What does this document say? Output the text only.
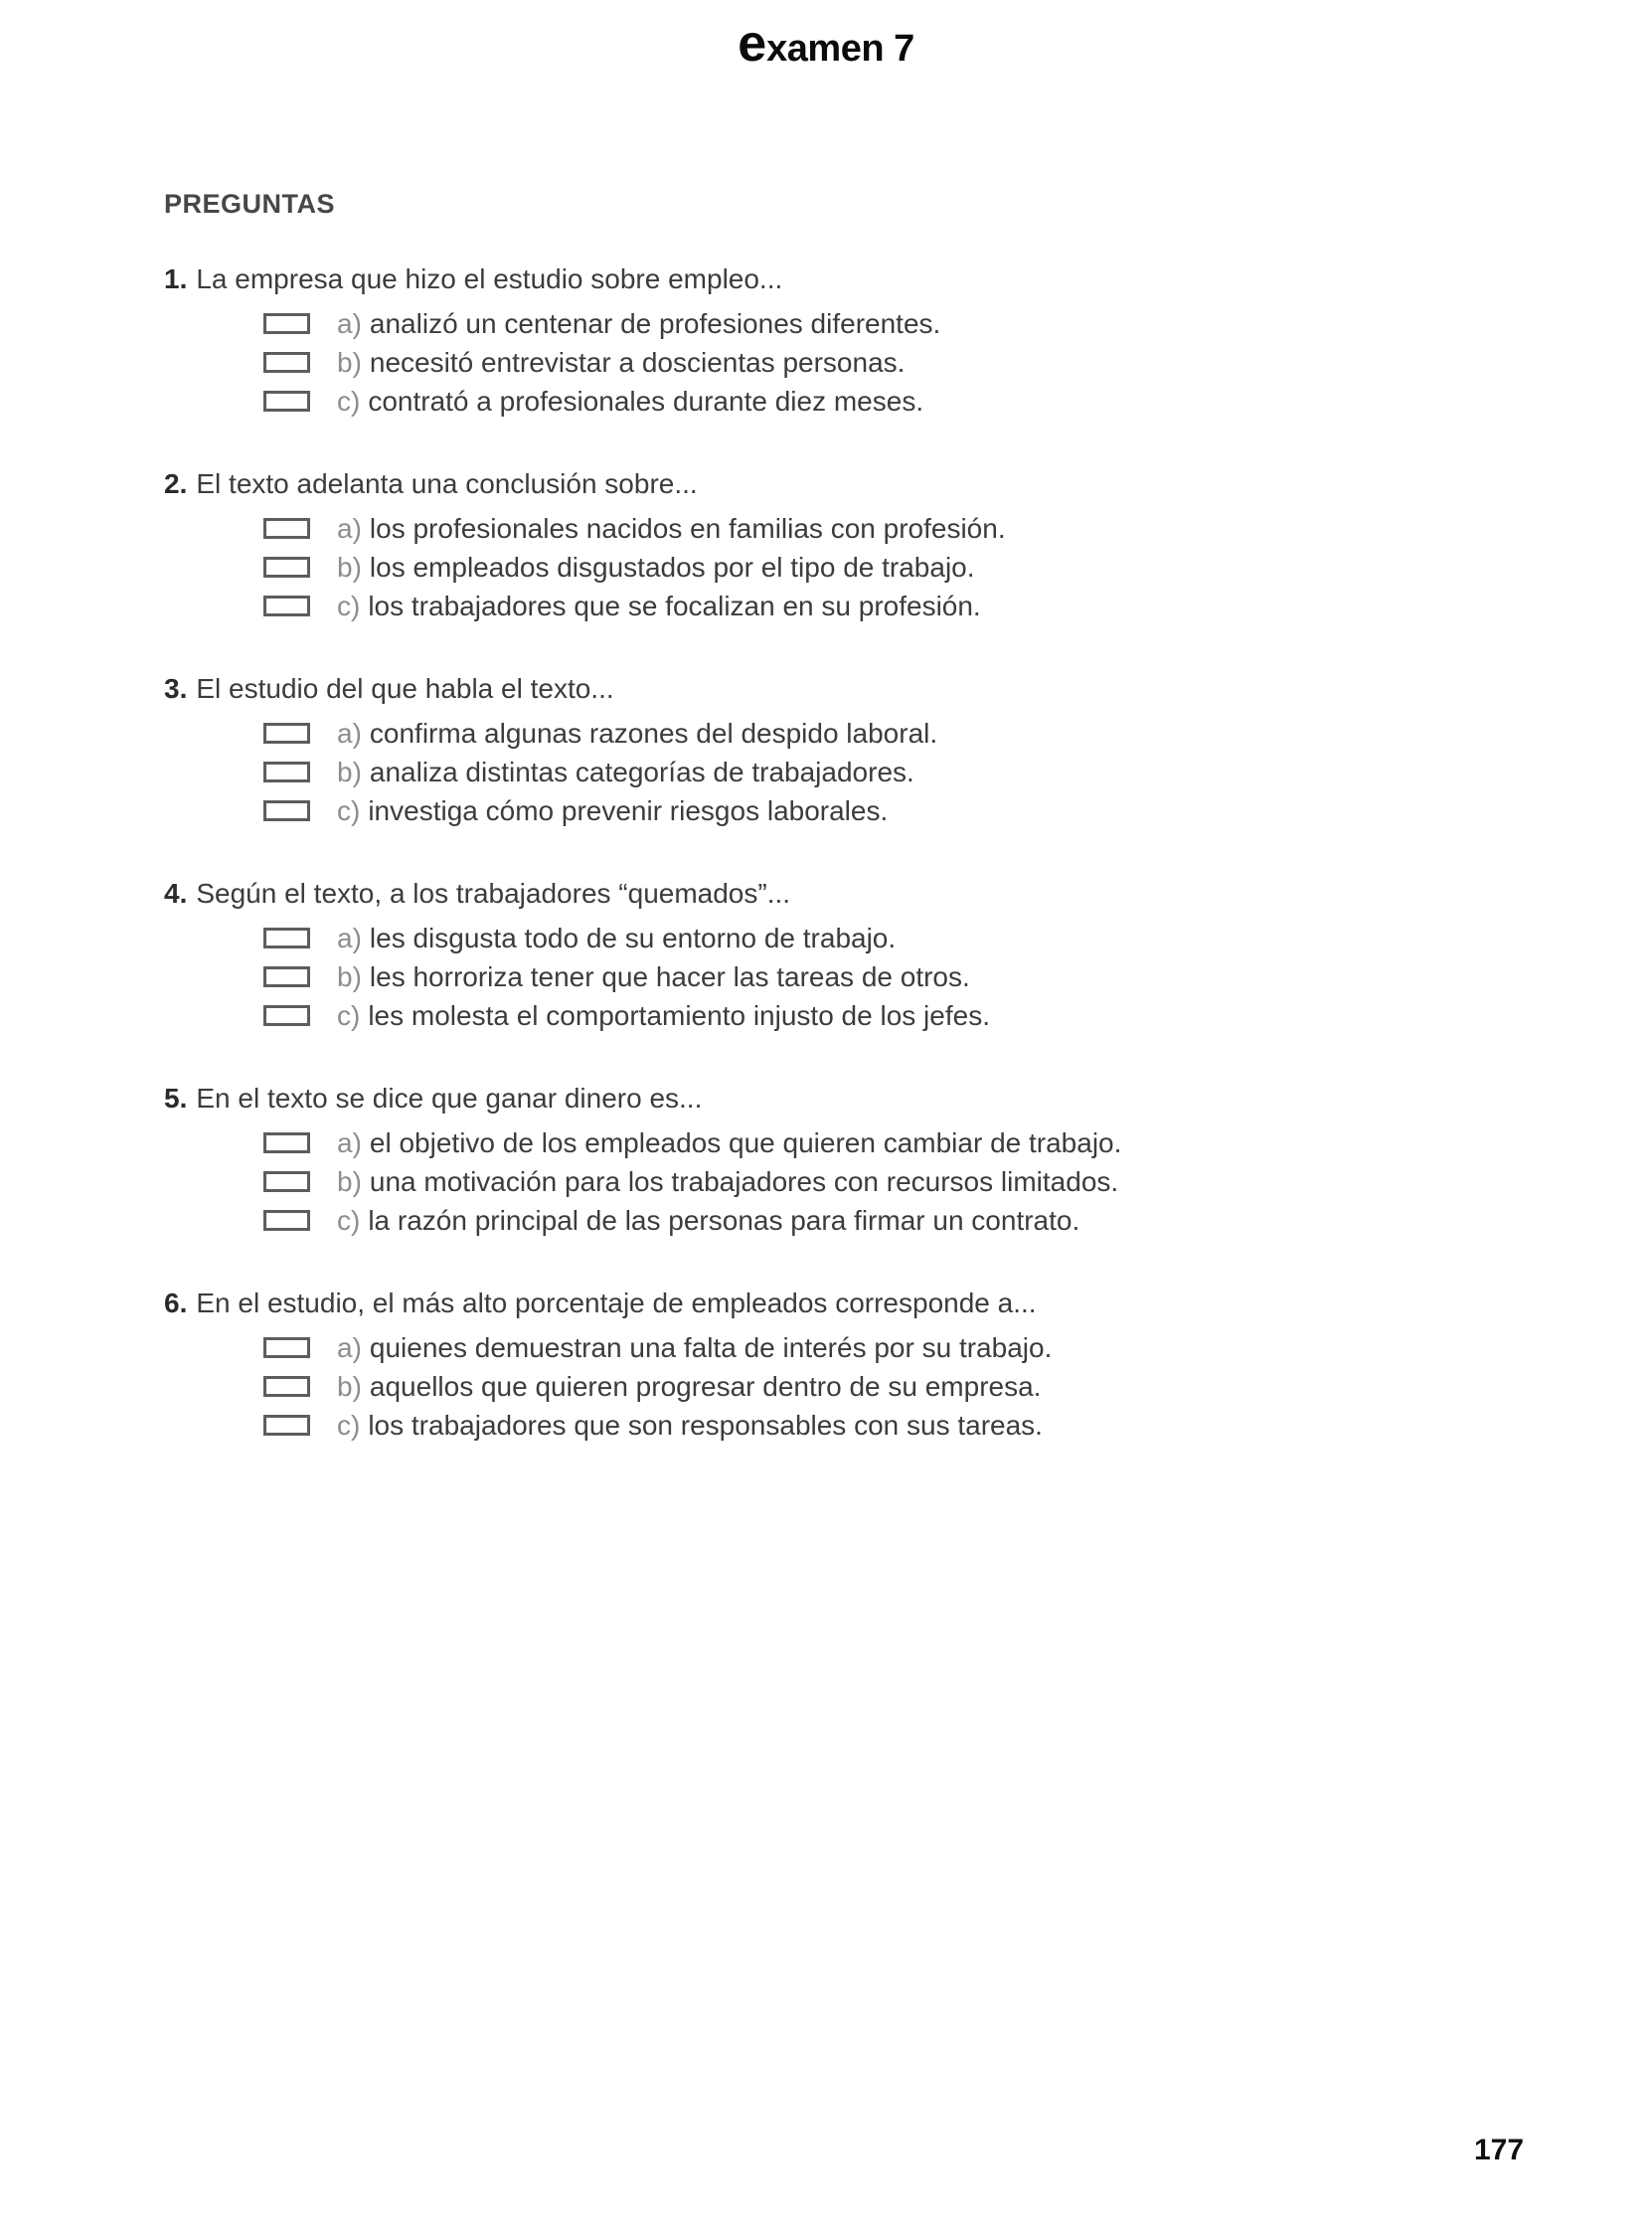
examen 7
PREGUNTAS
1. La empresa que hizo el estudio sobre empleo...
a) analizó un centenar de profesiones diferentes.
b) necesitó entrevistar a doscientas personas.
c) contrató a profesionales durante diez meses.
2. El texto adelanta una conclusión sobre...
a) los profesionales nacidos en familias con profesión.
b) los empleados disgustados por el tipo de trabajo.
c) los trabajadores que se focalizan en su profesión.
3. El estudio del que habla el texto...
a) confirma algunas razones del despido laboral.
b) analiza distintas categorías de trabajadores.
c) investiga cómo prevenir riesgos laborales.
4. Según el texto, a los trabajadores “quemados”...
a) les disgusta todo de su entorno de trabajo.
b) les horroriza tener que hacer las tareas de otros.
c) les molesta el comportamiento injusto de los jefes.
5. En el texto se dice que ganar dinero es...
a) el objetivo de los empleados que quieren cambiar de trabajo.
b) una motivación para los trabajadores con recursos limitados.
c) la razón principal de las personas para firmar un contrato.
6. En el estudio, el más alto porcentaje de empleados corresponde a...
a) quienes demuestran una falta de interés por su trabajo.
b) aquellos que quieren progresar dentro de su empresa.
c) los trabajadores que son responsables con sus tareas.
177
